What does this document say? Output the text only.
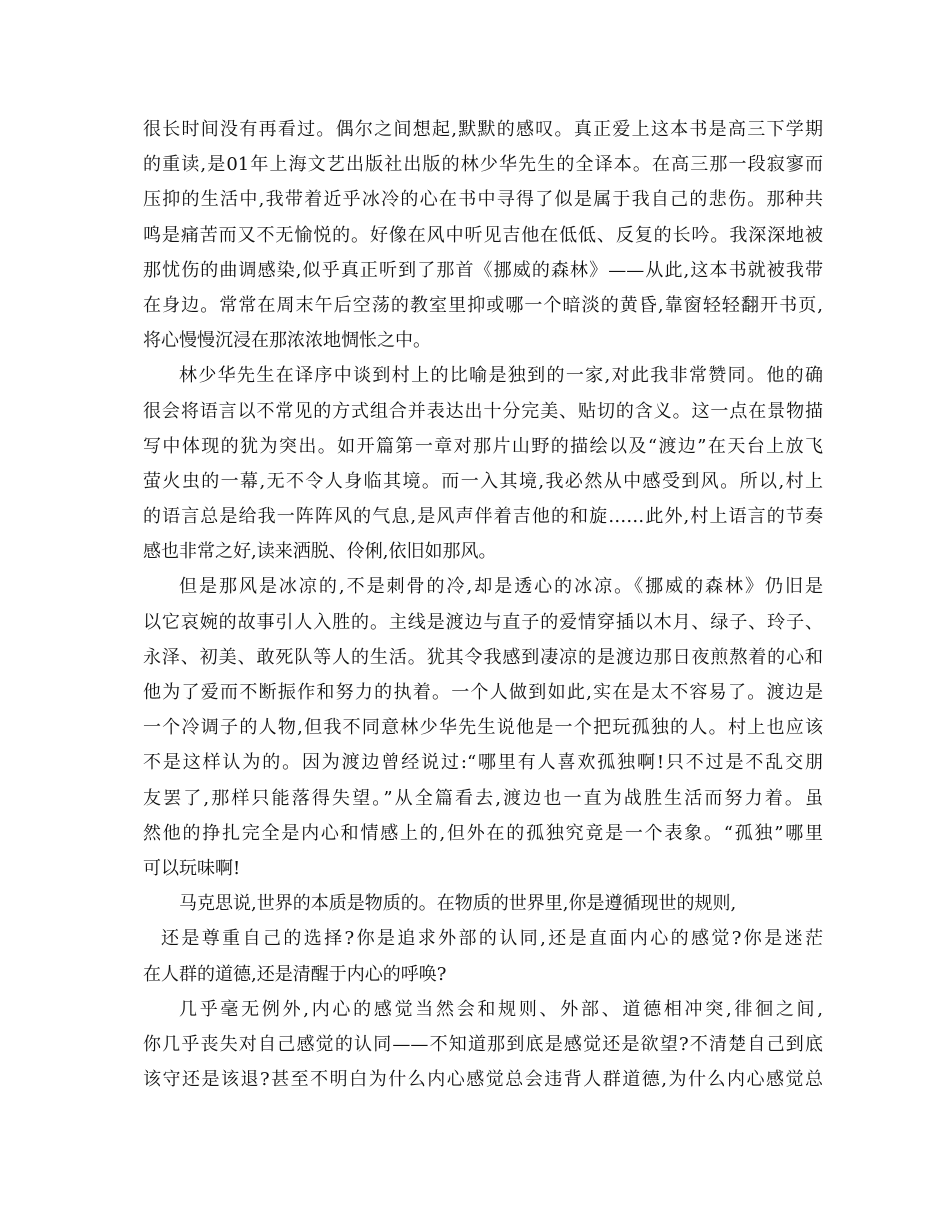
很长时间没有再看过。偶尔之间想起,默默的感叹。真正爱上这本书是高三下学期
的重读,是01年上海文艺出版社出版的林少华先生的全译本。在高三那一段寂寥而
压抑的生活中,我带着近乎冰冷的心在书中寻得了似是属于我自己的悲伤。那种共
鸣是痛苦而又不无愉悦的。好像在风中听见吉他在低低、反复的长吟。我深深地被
那忧伤的曲调感染,似乎真正听到了那首《挪威的森林》——从此,这本书就被我带
在身边。常常在周末午后空荡的教室里抑或哪一个暗淡的黄昏,靠窗轻轻翻开书页,
将心慢慢沉浸在那浓浓地惆怅之中。
林少华先生在译序中谈到村上的比喻是独到的一家,对此我非常赞同。他的确
很会将语言以不常见的方式组合并表达出十分完美、贴切的含义。这一点在景物描
写中体现的犹为突出。如开篇第一章对那片山野的描绘以及“渡边”在天台上放飞
萤火虫的一幕,无不令人身临其境。而一入其境,我必然从中感受到风。所以,村上
的语言总是给我一阵阵风的气息,是风声伴着吉他的和旋……此外,村上语言的节奏
感也非常之好,读来洒脱、伶俐,依旧如那风。
但是那风是冰凉的,不是刺骨的冷,却是透心的冰凉。《挪威的森林》仍旧是
以它哀婉的故事引人入胜的。主线是渡边与直子的爱情穿插以木月、绿子、玲子、
永泽、初美、敢死队等人的生活。犹其令我感到凄凉的是渡边那日夜煎熬着的心和
他为了爱而不断振作和努力的执着。一个人做到如此,实在是太不容易了。渡边是
一个冷调子的人物,但我不同意林少华先生说他是一个把玩孤独的人。村上也应该
不是这样认为的。因为渡边曾经说过:“哪里有人喜欢孤独啊!只不过是不乱交朋
友罢了,那样只能落得失望。”从全篇看去,渡边也一直为战胜生活而努力着。虽
然他的挣扎完全是内心和情感上的,但外在的孤独究竟是一个表象。“孤独”哪里
可以玩味啊!
马克思说,世界的本质是物质的。在物质的世界里,你是遵循现世的规则,
还是尊重自己的选择?你是追求外部的认同,还是直面内心的感觉?你是迷茫
在人群的道德,还是清醒于内心的呼唤?
几乎毫无例外,内心的感觉当然会和规则、外部、道德相冲突,徘徊之间,
你几乎丧失对自己感觉的认同——不知道那到底是感觉还是欲望?不清楚自己到底
该守还是该退?甚至不明白为什么内心感觉总会违背人群道德,为什么内心感觉总
